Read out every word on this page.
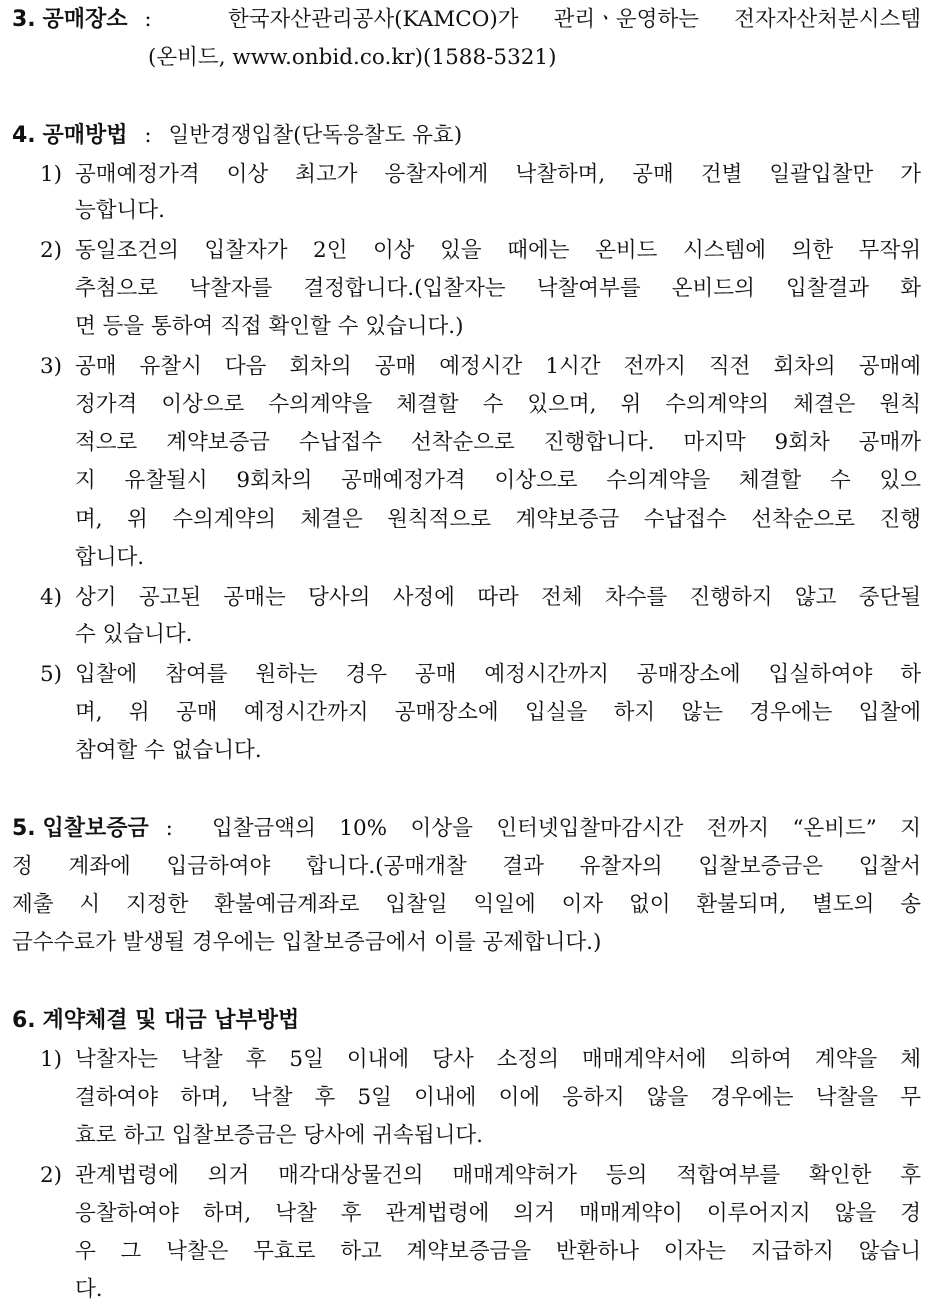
3. 공매장소 :	한국자산관리공사(KAMCO)가 관리ㆍ운영하는 전자자산처분시스템
(온비드, www.onbid.co.kr)(1588-5321)
4. 공매방법 : 일반경쟁입찰(단독응찰도 유효)
1) 공매예정가격 이상 최고가 응찰자에게 낙찰하며, 공매 건별 일괄입찰만 가
능합니다.
2) 동일조건의 입찰자가 2인 이상 있을 때에는 온비드 시스템에 의한 무작위
추첨으로 낙찰자를 결정합니다.(입찰자는 낙찰여부를 온비드의 입찰결과 화
면 등을 통하여 직접 확인할 수 있습니다.)
3) 공매 유찰시 다음 회차의 공매 예정시간 1시간 전까지 직전 회차의 공매예
정가격 이상으로 수의계약을 체결할 수 있으며, 위 수의계약의 체결은 원칙
적으로 계약보증금 수납접수 선착순으로 진행합니다. 마지막 9회차 공매까
지 유찰될시 9회차의 공매예정가격 이상으로 수의계약을 체결할 수 있으
며, 위 수의계약의 체결은 원칙적으로 계약보증금 수납접수 선착순으로 진행
합니다.
4) 상기 공고된 공매는 당사의 사정에 따라 전체 차수를 진행하지 않고 중단될
수 있습니다.
5) 입찰에 참여를 원하는 경우 공매 예정시간까지 공매장소에 입실하여야 하
며, 위 공매 예정시간까지 공매장소에 입실을 하지 않는 경우에는 입찰에
참여할 수 없습니다.
5. 입찰보증금 :	입찰금액의 10% 이상을 인터넷입찰마감시간 전까지 “온비드” 지
정 계좌에 입금하여야 합니다.(공매개찰 결과 유찰자의 입찰보증금은 입찰서
제출 시 지정한 환불예금계좌로 입찰일 익일에 이자 없이 환불되며, 별도의 송
금수수료가 발생될 경우에는 입찰보증금에서 이를 공제합니다.)
6. 계약체결 및 대금 납부방법
1) 낙찰자는 낙찰 후 5일 이내에 당사 소정의 매매계약서에 의하여 계약을 체
결하여야 하며, 낙찰 후 5일 이내에 이에 응하지 않을 경우에는 낙찰을 무
효로 하고 입찰보증금은 당사에 귀속됩니다.
2) 관계법령에 의거 매각대상물건의 매매계약허가 등의 적합여부를 확인한 후
응찰하여야 하며, 낙찰 후 관계법령에 의거 매매계약이 이루어지지 않을 경
우 그 낙찰은 무효로 하고 계약보증금을 반환하나 이자는 지급하지 않습니
다.
